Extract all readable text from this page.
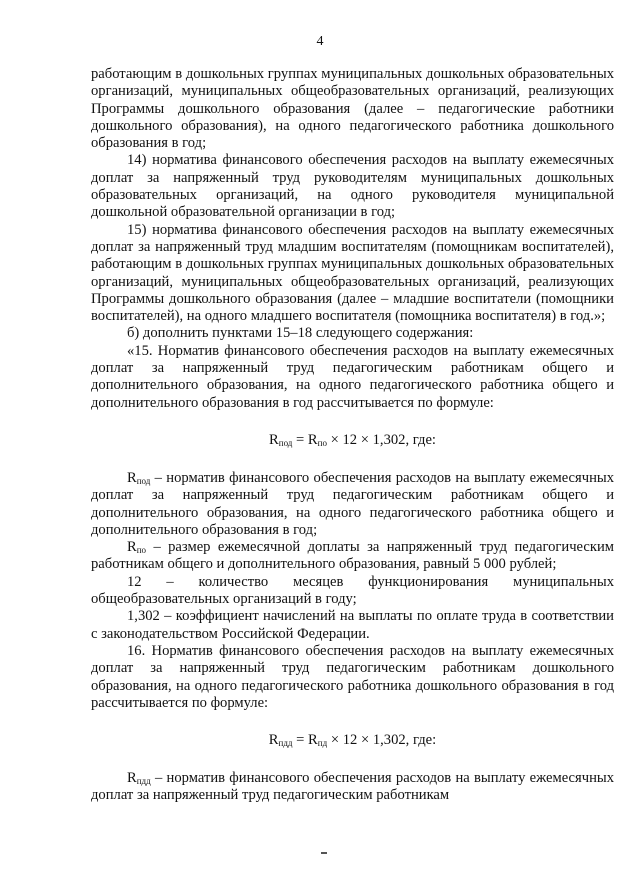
4

работающим в дошкольных группах муниципальных дошкольных образовательных организаций, муниципальных общеобразовательных организаций, реализующих Программы дошкольного образования (далее – педагогические работники дошкольного образования), на одного педагогического работника дошкольного образования в год;

14) норматива финансового обеспечения расходов на выплату ежемесячных доплат за напряженный труд руководителям муниципальных дошкольных образовательных организаций, на одного руководителя муниципальной дошкольной образовательной организации в год;

15) норматива финансового обеспечения расходов на выплату ежемесячных доплат за напряженный труд младшим воспитателям (помощникам воспитателей), работающим в дошкольных группах муниципальных дошкольных образовательных организаций, муниципальных общеобразовательных организаций, реализующих Программы дошкольного образования (далее – младшие воспитатели (помощники воспитателей), на одного младшего воспитателя (помощника воспитателя) в год.»;

б) дополнить пунктами 15–18 следующего содержания:

«15. Норматив финансового обеспечения расходов на выплату ежемесячных доплат за напряженный труд педагогическим работникам общего и дополнительного образования, на одного педагогического работника общего и дополнительного образования в год рассчитывается по формуле:

$R_{под} = R_{по} \times 12 \times 1,302$, где:

$R_{под}$ – норматив финансового обеспечения расходов на выплату ежемесячных доплат за напряженный труд педагогическим работникам общего и дополнительного образования, на одного педагогического работника общего и дополнительного образования в год;

$R_{по}$ – размер ежемесячной доплаты за напряженный труд педагогическим работникам общего и дополнительного образования, равный 5 000 рублей;

12 – количество месяцев функционирования муниципальных общеобразовательных организаций в году;

1,302 – коэффициент начислений на выплаты по оплате труда в соответствии с законодательством Российской Федерации.

16. Норматив финансового обеспечения расходов на выплату ежемесячных доплат за напряженный труд педагогическим работникам дошкольного образования, на одного педагогического работника дошкольного образования в год рассчитывается по формуле:

$R_{пдд} = R_{пд} \times 12 \times 1,302$, где:

$R_{пдд}$ – норматив финансового обеспечения расходов на выплату ежемесячных доплат за напряженный труд педагогическим работникам
